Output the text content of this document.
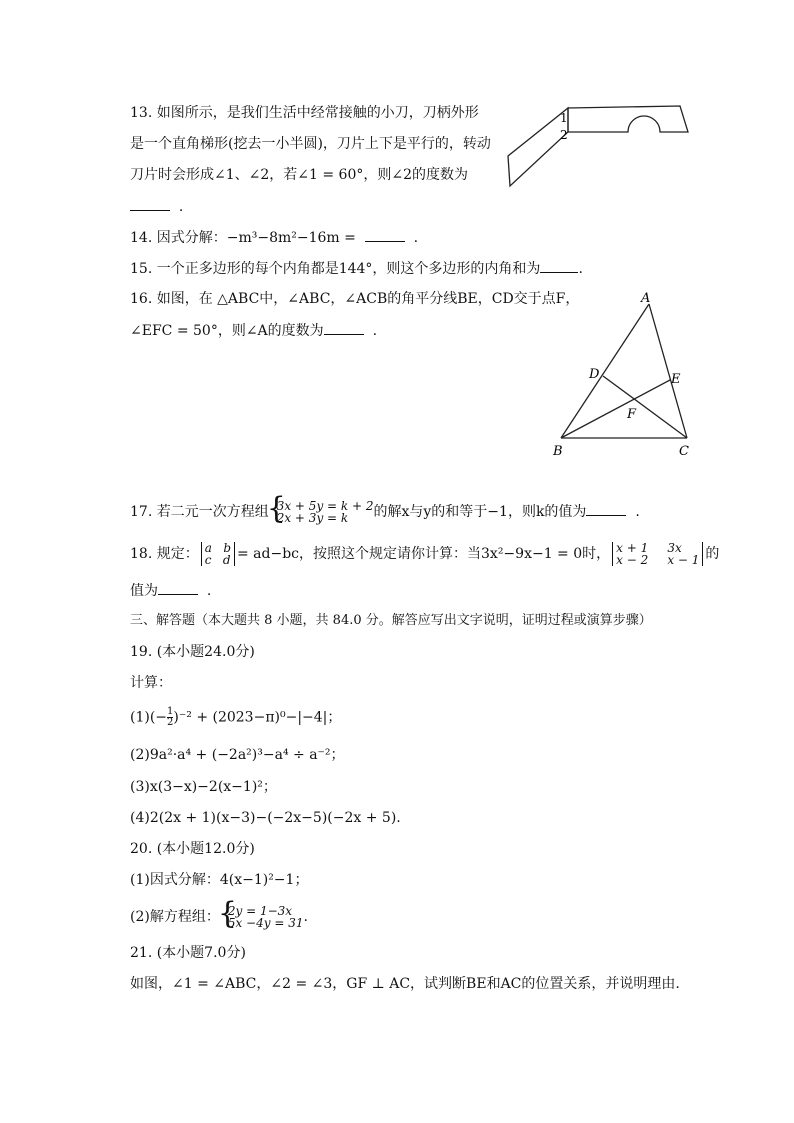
13. 如图所示，是我们生活中经常接触的小刀，刀柄外形
是一个直角梯形(挖去一小半圆)，刀片上下是平行的，转动
刀片时会形成∠1、∠2，若∠1 = 60°，则∠2的度数为
.
1
2
14. 因式分解：−m³−8m²−16m =	.
15. 一个正多边形的每个内角都是144°，则这个多边形的内角和为	.
16. 如图，在 △ABC中，∠ABC，∠ACB的角平分线BE，CD交于点F，
∠EFC = 50°，则∠A的度数为	.
A
B	C
D	E
F
17. 若二元一次方程组 { 3x + 5y = k + 2
2x + 3y = k	的解x与y的和等于−1，则k的值为	.
18. 规定： a   b
c   d = ad−bc，按照这个规定请你计算：当3x²−9x−1 = 0时， x + 1     3x
x − 2     x − 1 的
值为	.
三、解答题（本大题共 8 小题，共 84.0 分。解答应写出文字说明，证明过程或演算步骤）
19. (本小题24.0分)
计算：
$(1)(- \frac{1}{2} )^{-2} + (2023-\pi)^0-|-4|$；
(2)9a²·a⁴ + (−2a²)³−a⁴ ÷ a⁻²；
(3)x(3−x)−2(x−1)²；
(4)2(2x + 1)(x−3)−(−2x−5)(−2x + 5).
20. (本小题12.0分)
(1)因式分解：4(x−1)²−1；
(2)解方程组： { 2y = 1−3x
5x −4y = 31 .
21. (本小题7.0分)
如图，∠1 = ∠ABC，∠2 = ∠3，GF ⊥ AC，试判断BE和AC的位置关系，并说明理由.
